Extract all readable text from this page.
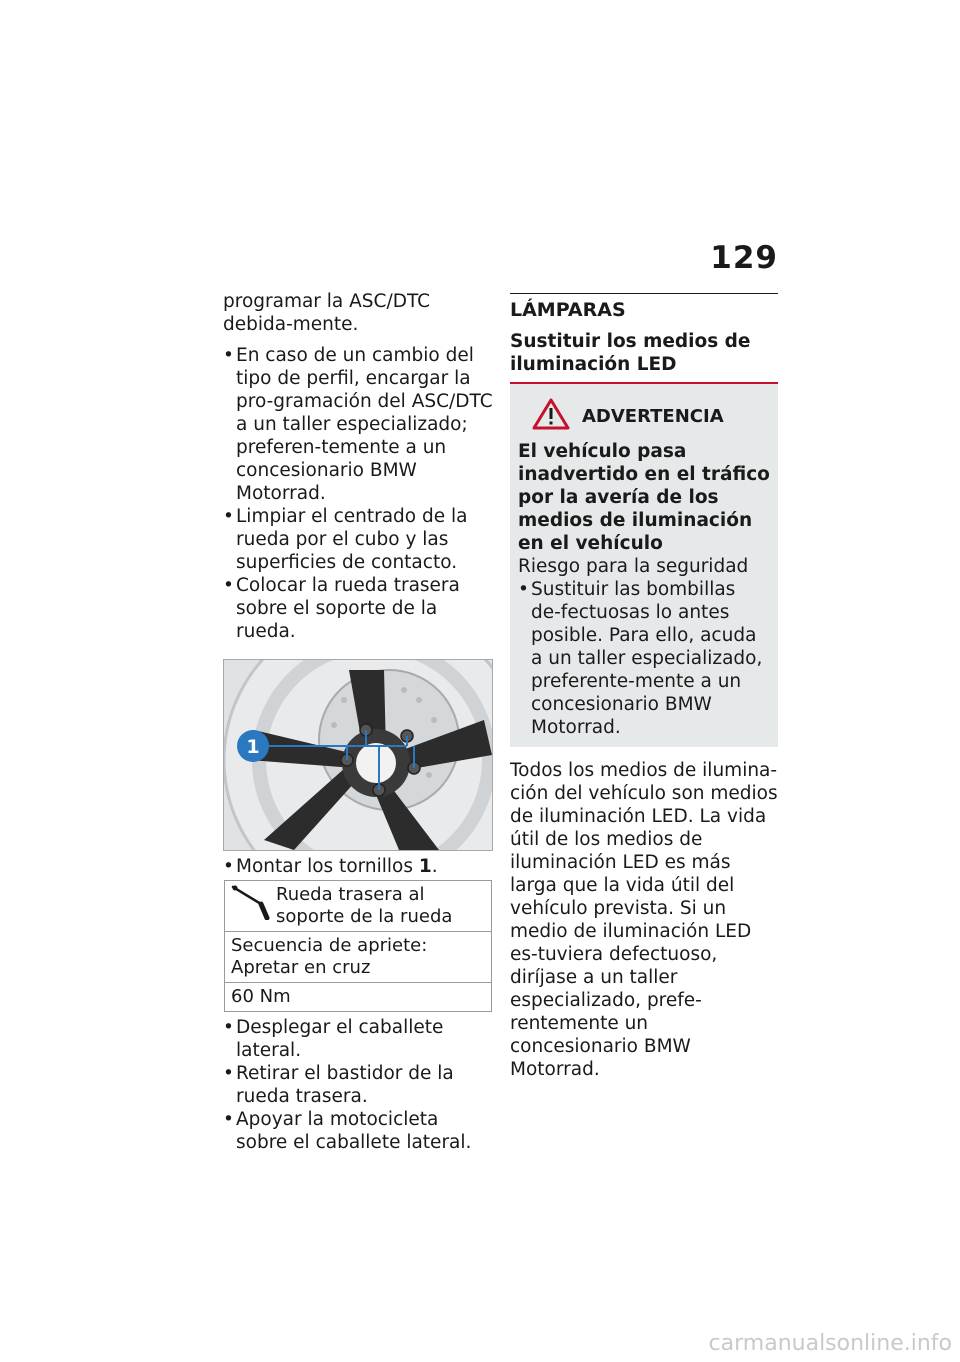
129

programar la ASC/DTC debida-mente.

• En caso de un cambio del tipo de perfil, encargar la pro-gramación del ASC/DTC a un taller especializado; preferen-temente a un concesionario BMW Motorrad.
• Limpiar el centrado de la rueda por el cubo y las superficies de contacto.
• Colocar la rueda trasera sobre el soporte de la rueda.
1
• Montar los tornillos 1.
Rueda trasera al soporte de la rueda

Secuencia de apriete: Apretar en cruz
60 Nm
• Desplegar el caballete lateral.
• Retirar el bastidor de la rueda trasera.
• Apoyar la motocicleta sobre el caballete lateral.
LÁMPARAS
Sustituir los medios de iluminación LED
ADVERTENCIA
El vehículo pasa inadvertido en el tráfico por la avería de los medios de iluminación en el vehículo

Riesgo para la seguridad

• Sustituir las bombillas de-fectuosas lo antes posible. Para ello, acuda a un taller especializado, preferente-mente a un concesionario BMW Motorrad.

Todos los medios de ilumina-ción del vehículo son medios de iluminación LED. La vida útil de los medios de iluminación LED es más larga que la vida útil del vehículo prevista. Si un medio de iluminación LED es-tuviera defectuoso, diríjase a un taller especializado, prefe-rentemente un concesionario BMW Motorrad.

carmanualsonline.info
